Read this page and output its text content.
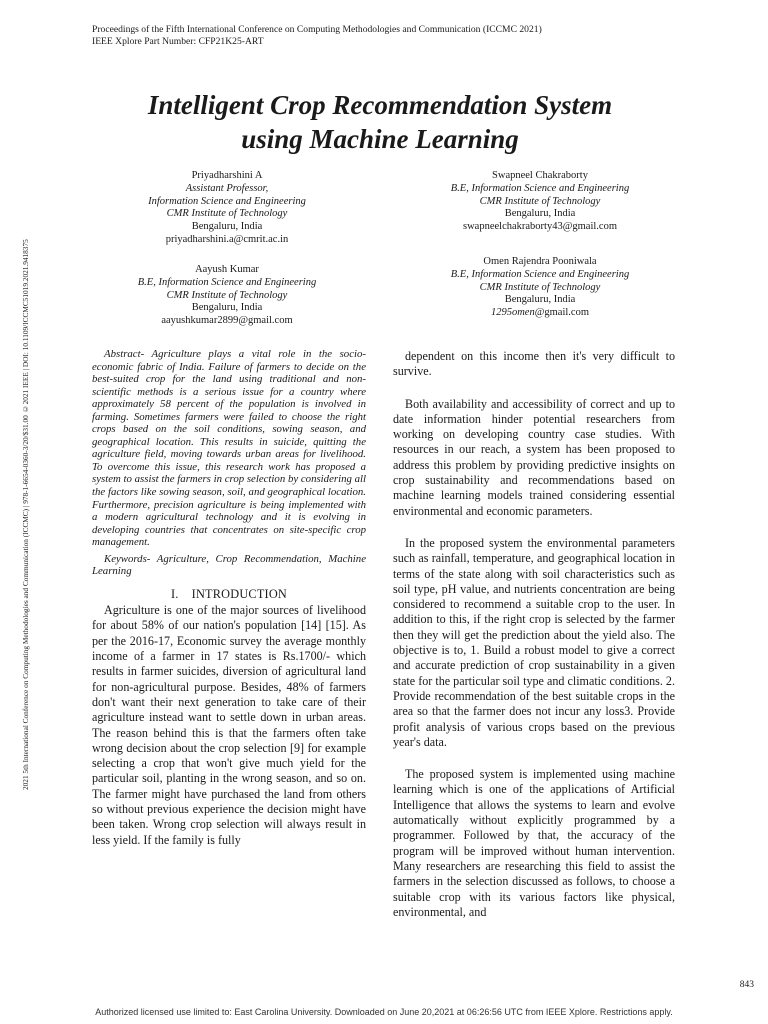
Proceedings of the Fifth International Conference on Computing Methodologies and Communication (ICCMC 2021)
IEEE Xplore Part Number: CFP21K25-ART
2021 5th International Conference on Computing Methodologies and Communication (ICCMC) | 978-1-6654-0360-3/20/$31.00 ©2021 IEEE | DOI: 10.1109/ICCMC51019.2021.9418375
Intelligent Crop Recommendation System
using Machine Learning
Priyadharshini A
Assistant Professor,
Information Science and Engineering
CMR Institute of Technology
Bengaluru, India
priyadharshini.a@cmrit.ac.in
Swapneel Chakraborty
B.E, Information Science and Engineering
CMR Institute of Technology
Bengaluru, India
swapneelchakraborty43@gmail.com
Aayush Kumar
B.E, Information Science and Engineering
CMR Institute of Technology
Bengaluru, India
aayushkumar2899@gmail.com
Omen Rajendra Pooniwala
B.E, Information Science and Engineering
CMR Institute of Technology
Bengaluru, India
1295omen@gmail.com

Abstract- Agriculture plays a vital role in the socio-economic fabric of India. Failure of farmers to decide on the best-suited crop for the land using traditional and non-scientific methods is a serious issue for a country where approximately 58 percent of the population is involved in farming. Sometimes farmers were failed to choose the right crops based on the soil conditions, sowing season, and geographical location. This results in suicide, quitting the agriculture field, moving towards urban areas for livelihood. To overcome this issue, this research work has proposed a system to assist the farmers in crop selection by considering all the factors like sowing season, soil, and geographical location. Furthermore, precision agriculture is being implemented with a modern agricultural technology and it is evolving in developing countries that concentrates on site-specific crop management.

Keywords- Agriculture, Crop Recommendation, Machine Learning

I.    INTRODUCTION

Agriculture is one of the major sources of livelihood for about 58% of our nation's population [14] [15]. As per the 2016-17, Economic survey the average monthly income of a farmer in 17 states is Rs.1700/- which results in farmer suicides, diversion of agricultural land for non-agricultural purpose. Besides, 48% of farmers don't want their next generation to take care of their agriculture instead want to settle down in urban areas. The reason behind this is that the farmers often take wrong decision about the crop selection [9] for example selecting a crop that won't give much yield for the particular soil, planting in the wrong season, and so on. The farmer might have purchased the land from others so without previous experience the decision might have been taken. Wrong crop selection will always result in less yield. If the family is fully

dependent on this income then it's very difficult to survive.

Both availability and accessibility of correct and up to date information hinder potential researchers from working on developing country case studies. With resources in our reach, a system has been proposed to address this problem by providing predictive insights on crop sustainability and recommendations based on machine learning models trained considering essential environmental and economic parameters.

In the proposed system the environmental parameters such as rainfall, temperature, and geographical location in terms of the state along with soil characteristics such as soil type, pH value, and nutrients concentration are being considered to recommend a suitable crop to the user. In addition to this, if the right crop is selected by the farmer then they will get the prediction about the yield also. The objective is to, 1. Build a robust model to give a correct and accurate prediction of crop sustainability in a given state for the particular soil type and climatic conditions. 2. Provide recommendation of the best suitable crops in the area so that the farmer does not incur any loss3. Provide profit analysis of various crops based on the previous year's data.

The proposed system is implemented using machine learning which is one of the applications of Artificial Intelligence that allows the systems to learn and evolve automatically without explicitly programmed by a programmer. Followed by that, the accuracy of the program will be improved without human intervention. Many researchers are researching this field to assist the farmers in the selection discussed as follows, to choose a suitable crop with its various factors like physical, environmental, and

843
Authorized licensed use limited to: East Carolina University. Downloaded on June 20,2021 at 06:26:56 UTC from IEEE Xplore. Restrictions apply.
